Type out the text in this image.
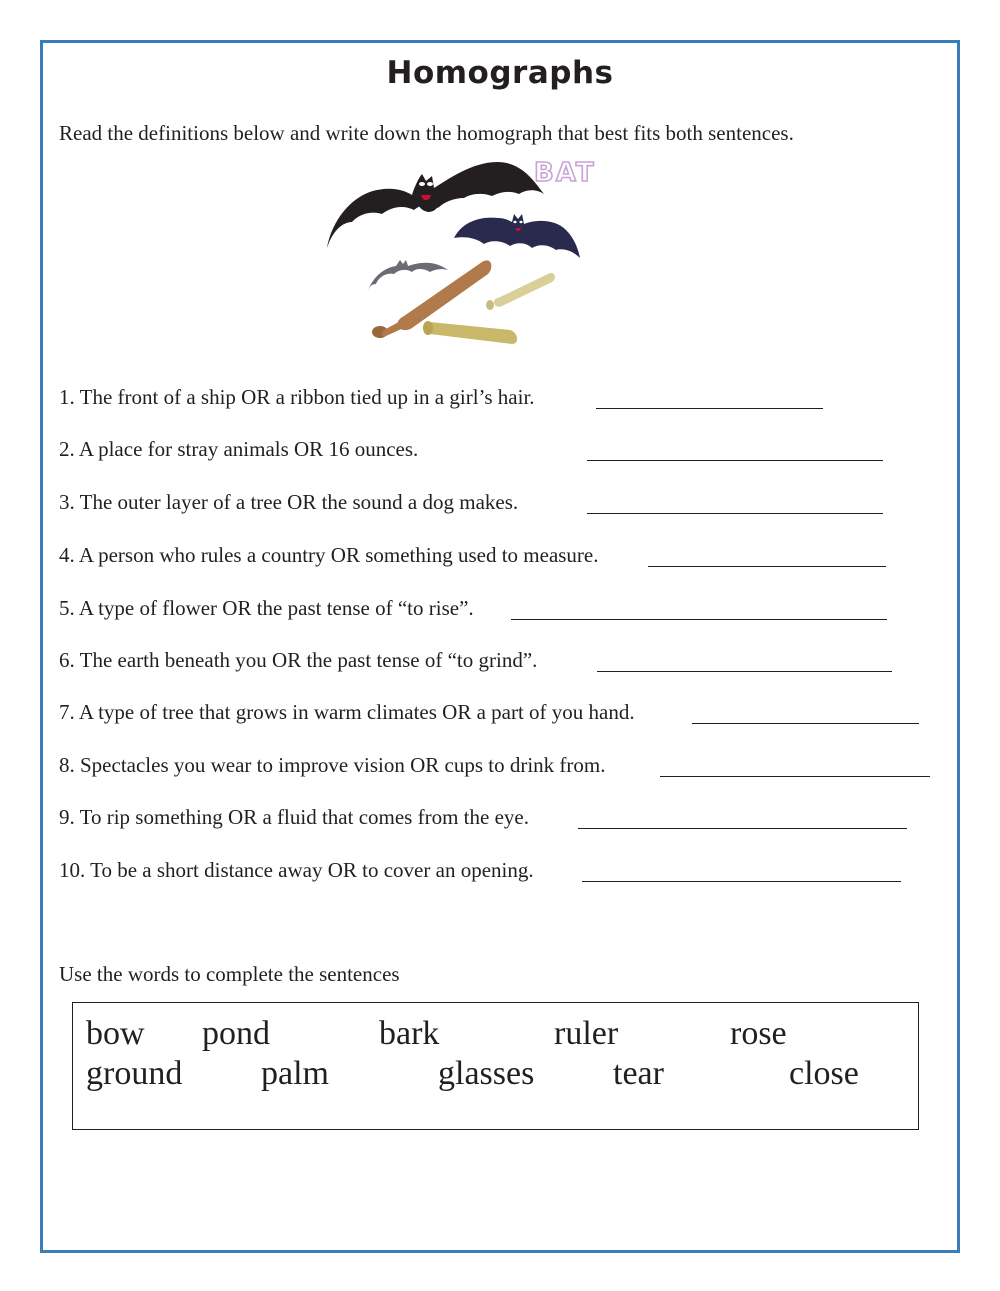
Homographs
Read the definitions below and write down the homograph that best fits both sentences.
BAT
1. The front of a ship OR a ribbon tied up in a girl’s hair.
2. A place for stray animals OR 16 ounces.
3. The outer layer of a tree OR the sound a dog makes.
4. A person who rules a country OR something used to measure.
5. A type of flower OR the past tense of “to rise”.
6. The earth beneath you OR the past tense of “to grind”.
7. A type of tree that grows in warm climates OR a part of you hand.
8. Spectacles you wear to improve vision OR cups to drink from.
9. To rip something OR a fluid that comes from the eye.
10. To be a short distance away OR to cover an opening.
Use the words to complete the sentences
bow pond	bark	ruler	rose
ground palm	glasses tear	close
